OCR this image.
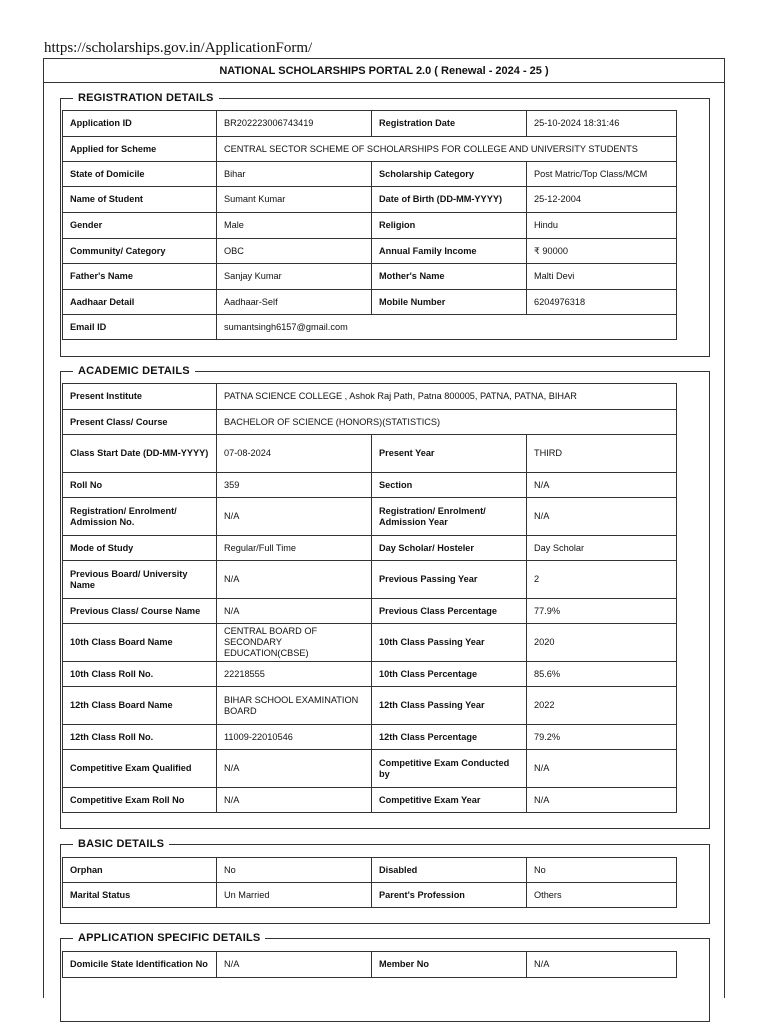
https://scholarships.gov.in/ApplicationForm/
NATIONAL SCHOLARSHIPS PORTAL 2.0 ( Renewal - 2024 - 25 )
REGISTRATION DETAILS
Application ID	BR202223006743419	Registration Date	25-10-2024 18:31:46
Applied for Scheme	CENTRAL SECTOR SCHEME OF SCHOLARSHIPS FOR COLLEGE AND UNIVERSITY STUDENTS		
State of Domicile	Bihar	Scholarship Category	Post Matric/Top Class/MCM
Name of Student	Sumant Kumar	Date of Birth (DD-MM-YYYY)	25-12-2004
Gender	Male	Religion	Hindu
Community/ Category	OBC	Annual Family Income	₹ 90000
Father's Name	Sanjay Kumar	Mother's Name	Malti Devi
Aadhaar Detail	Aadhaar-Self	Mobile Number	6204976318
Email ID	sumantsingh6157@gmail.com		
ACADEMIC DETAILS
Present Institute	PATNA SCIENCE COLLEGE , Ashok Raj Path, Patna 800005, PATNA, PATNA, BIHAR		
Present Class/ Course	BACHELOR OF SCIENCE (HONORS)(STATISTICS)		
Class Start Date (DD-MM-YYYY)	07-08-2024	Present Year	THIRD
Roll No	359	Section	N/A
Registration/ Enrolment/ Admission No.	N/A	Registration/ Enrolment/ Admission Year	N/A
Mode of Study	Regular/Full Time	Day Scholar/ Hosteler	Day Scholar
Previous Board/ University Name	N/A	Previous Passing Year	2
Previous Class/ Course Name	N/A	Previous Class Percentage	77.9%
10th Class Board Name	CENTRAL BOARD OF SECONDARY EDUCATION(CBSE)	10th Class Passing Year	2020
10th Class Roll No.	22218555	10th Class Percentage	85.6%
12th Class Board Name	BIHAR SCHOOL EXAMINATION BOARD	12th Class Passing Year	2022
12th Class Roll No.	11009-22010546	12th Class Percentage	79.2%
Competitive Exam Qualified	N/A	Competitive Exam Conducted by	N/A
Competitive Exam Roll No	N/A	Competitive Exam Year	N/A
BASIC DETAILS
Orphan	No	Disabled	No
Marital Status	Un Married	Parent's Profession	Others
APPLICATION SPECIFIC DETAILS
Domicile State Identification No	N/A	Member No	N/A
